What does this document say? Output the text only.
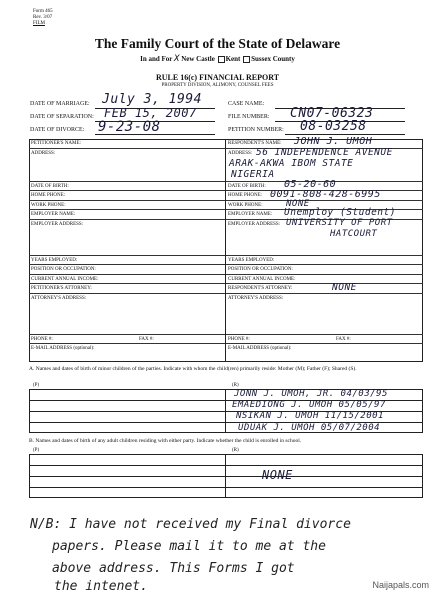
Form 465
Rev. 3/07
FILM
The Family Court of the State of Delaware
In and For X New Castle Kent Sussex County
RULE 16(c) FINANCIAL REPORT
PROPERTY DIVISION, ALIMONY, COUNSEL FEES
DATE OF MARRIAGE: July 3, 1994
DATE OF SEPARATION: FEB 15, 2007
DATE OF DIVORCE: 9-23-08
CASE NAME:
FILE NUMBER: CN07-06323
PETITION NUMBER: 08-03258
PETITIONER'S NAME:
ADDRESS:
DATE OF BIRTH:
HOME PHONE:
WORK PHONE:
EMPLOYER NAME:
EMPLOYER ADDRESS:
YEARS EMPLOYED:
POSITION OR OCCUPATION:
CURRENT ANNUAL INCOME:
PETITIONER'S ATTORNEY:
ATTORNEY'S ADDRESS:
PHONE #:	FAX #:
E-MAIL ADDRESS (optional):
RESPONDENT'S NAME: JOHN J. UMOH
ADDRESS: 56 INDEPENDENCE AVENUE
ARAK-AKWA IBOM STATE
NIGERIA
DATE OF BIRTH: 05-20-60
HOME PHONE: 0091-808-428-6995
WORK PHONE:	NONE
EMPLOYER NAME: Unemploy (Student)
EMPLOYER ADDRESS: UNIVERSITY OF PORT
HATCOURT
YEARS EMPLOYED:
POSITION OR OCCUPATION:
CURRENT ANNUAL INCOME:
RESPONDENT'S ATTORNEY:	NONE
ATTORNEY'S ADDRESS:
PHONE #:	FAX #:
E-MAIL ADDRESS (optional):
A. Names and dates of birth of minor children of the parties. Indicate with whom the child(ren) primarily reside: Mother (M); Father (F); Shared (S).
(P)	(R)
JONN J. UMOH, JR. 04/03/95
EMAEDIONG J. UMOH 05/05/97
NSIKAN J. UMOH 11/15/2001
UDUAK J. UMOH 05/07/2004
B. Names and dates of birth of any adult children residing with either party. Indicate whether the child is enrolled in school.
(P)	(R)
NONE
N/B: I have not received my Final divorce
papers. Please mail it to me at the
above address. This Forms I got
the intenet.	Naijapals.com
